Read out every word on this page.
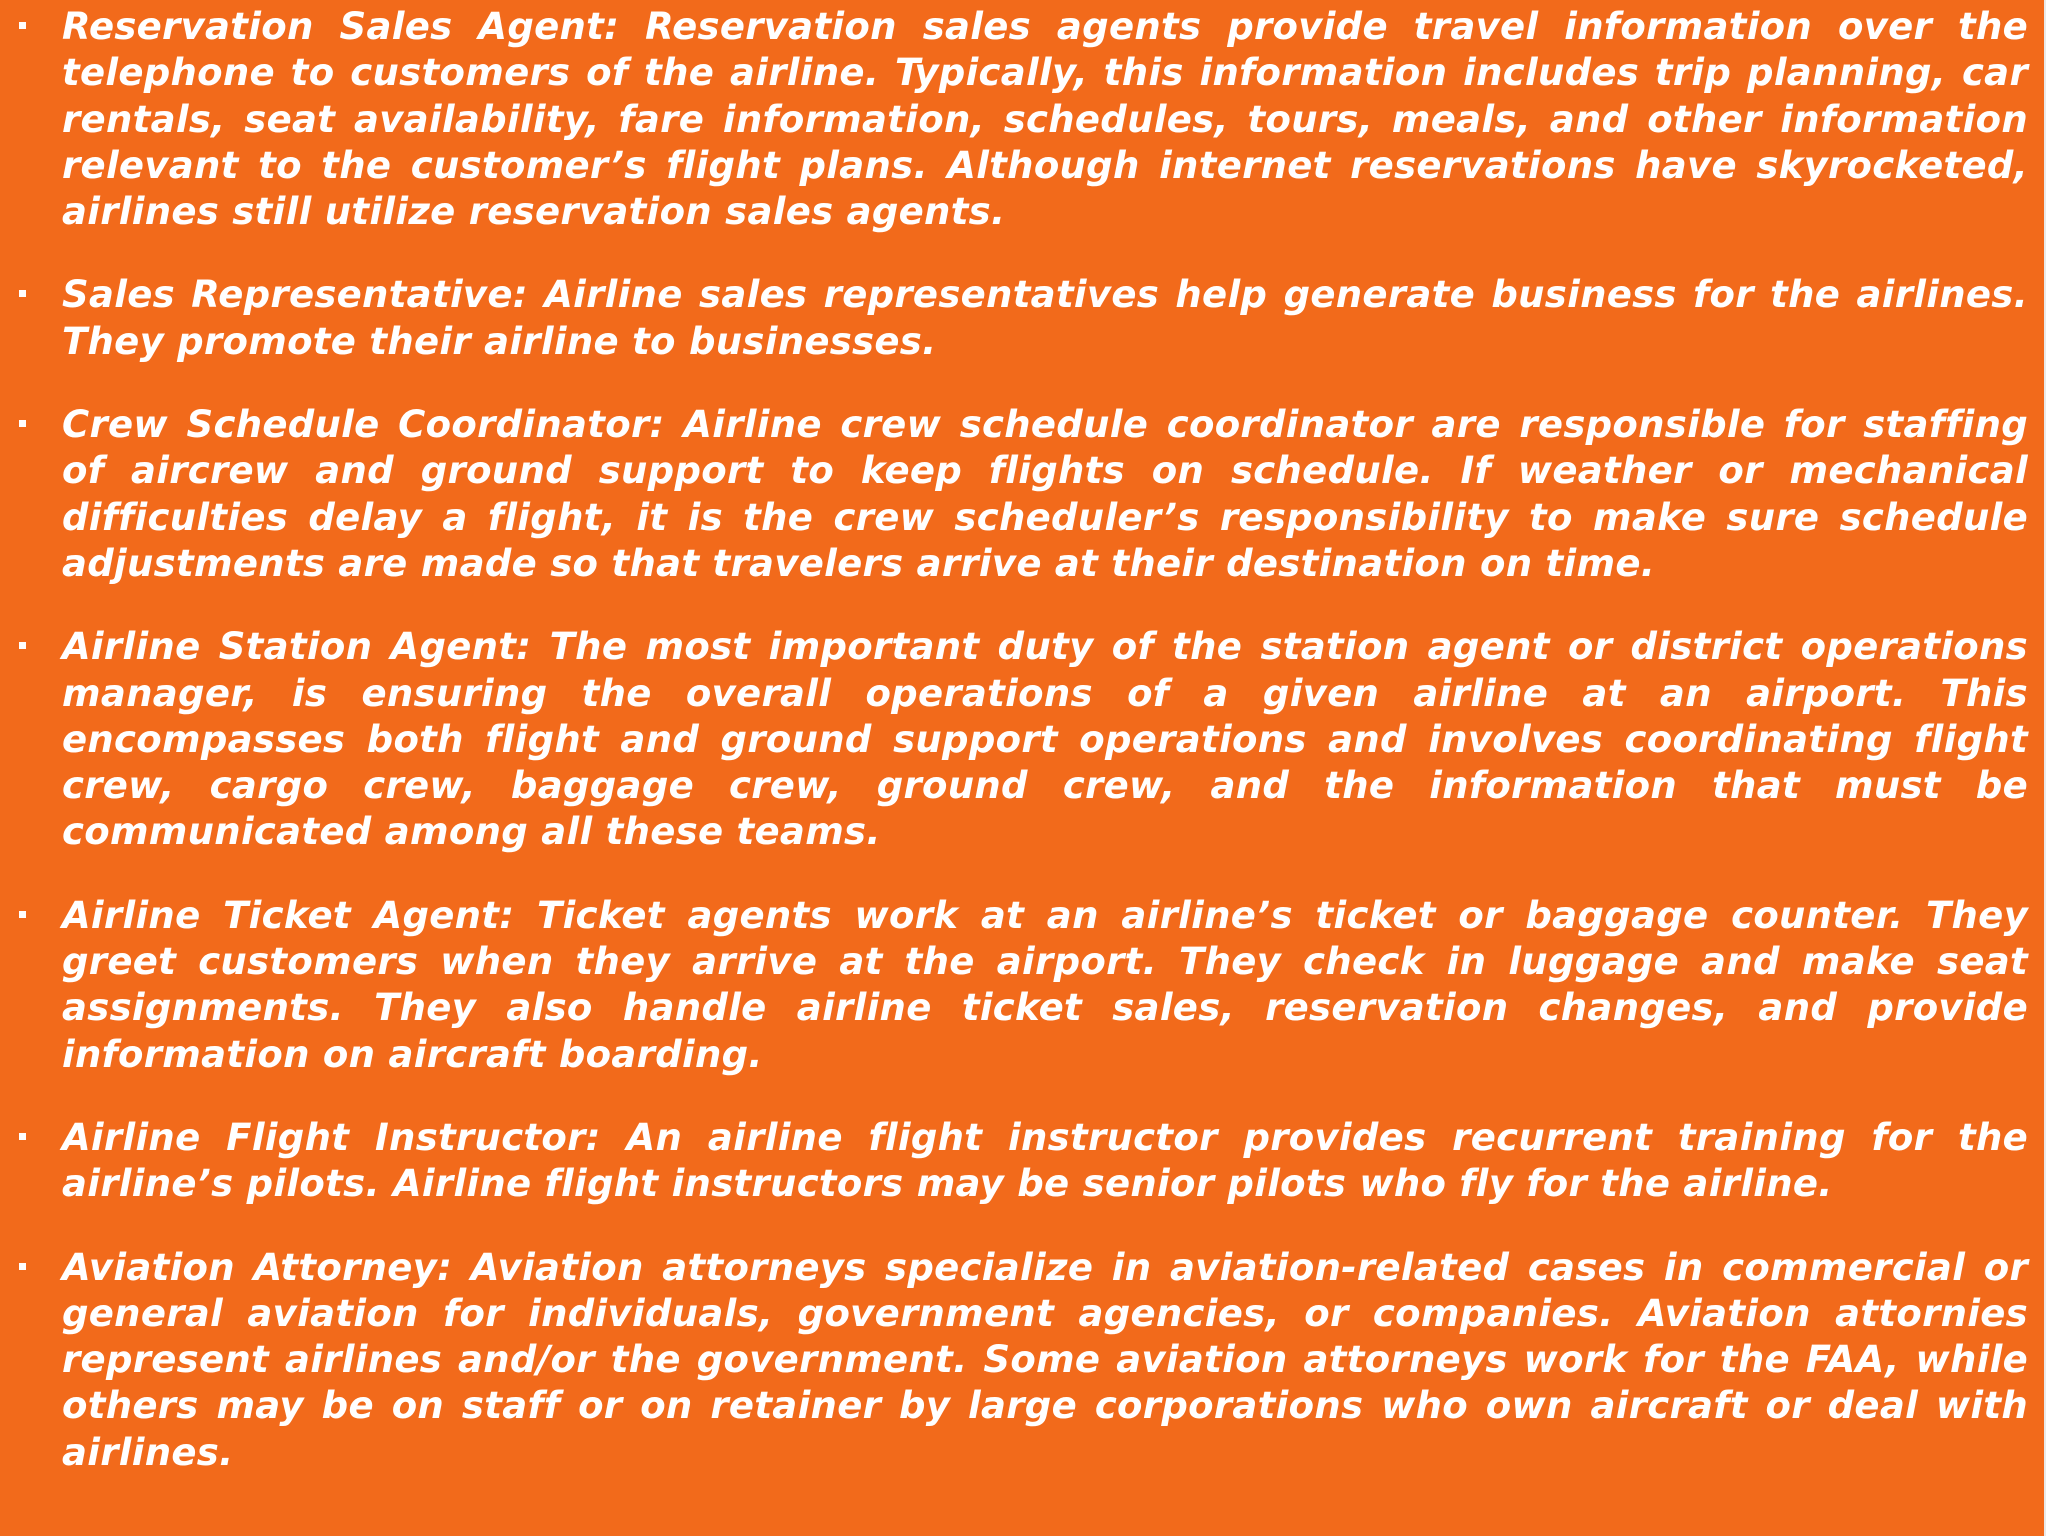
Reservation Sales Agent: Reservation sales agents provide travel information over the telephone to customers of the airline. Typically, this information includes trip planning, car rentals, seat availability, fare information, schedules, tours, meals, and other information relevant to the customer’s flight plans. Although internet reservations have skyrocketed, airlines still utilize reservation sales agents.
Sales Representative: Airline sales representatives help generate business for the airlines. They promote their airline to businesses.
Crew Schedule Coordinator: Airline crew schedule coordinator are responsible for staffing of aircrew and ground support to keep flights on schedule. If weather or mechanical difficulties delay a flight, it is the crew scheduler’s responsibility to make sure schedule adjustments are made so that travelers arrive at their destination on time.
Airline Station Agent: The most important duty of the station agent or district operations manager, is ensuring the overall operations of a given airline at an airport. This encompasses both flight and ground support operations and involves coordinating flight crew, cargo crew, baggage crew, ground crew, and the information that must be communicated among all these teams.
Airline Ticket Agent: Ticket agents work at an airline’s ticket or baggage counter. They greet customers when they arrive at the airport. They check in luggage and make seat assignments. They also handle airline ticket sales, reservation changes, and provide information on aircraft boarding.
Airline Flight Instructor: An airline flight instructor provides recurrent training for the airline’s pilots. Airline flight instructors may be senior pilots who fly for the airline.
Aviation Attorney: Aviation attorneys specialize in aviation-related cases in commercial or general aviation for individuals, government agencies, or companies. Aviation attornies represent airlines and/or the government. Some aviation attorneys work for the FAA, while others may be on staff or on retainer by large corporations who own aircraft or deal with airlines.
